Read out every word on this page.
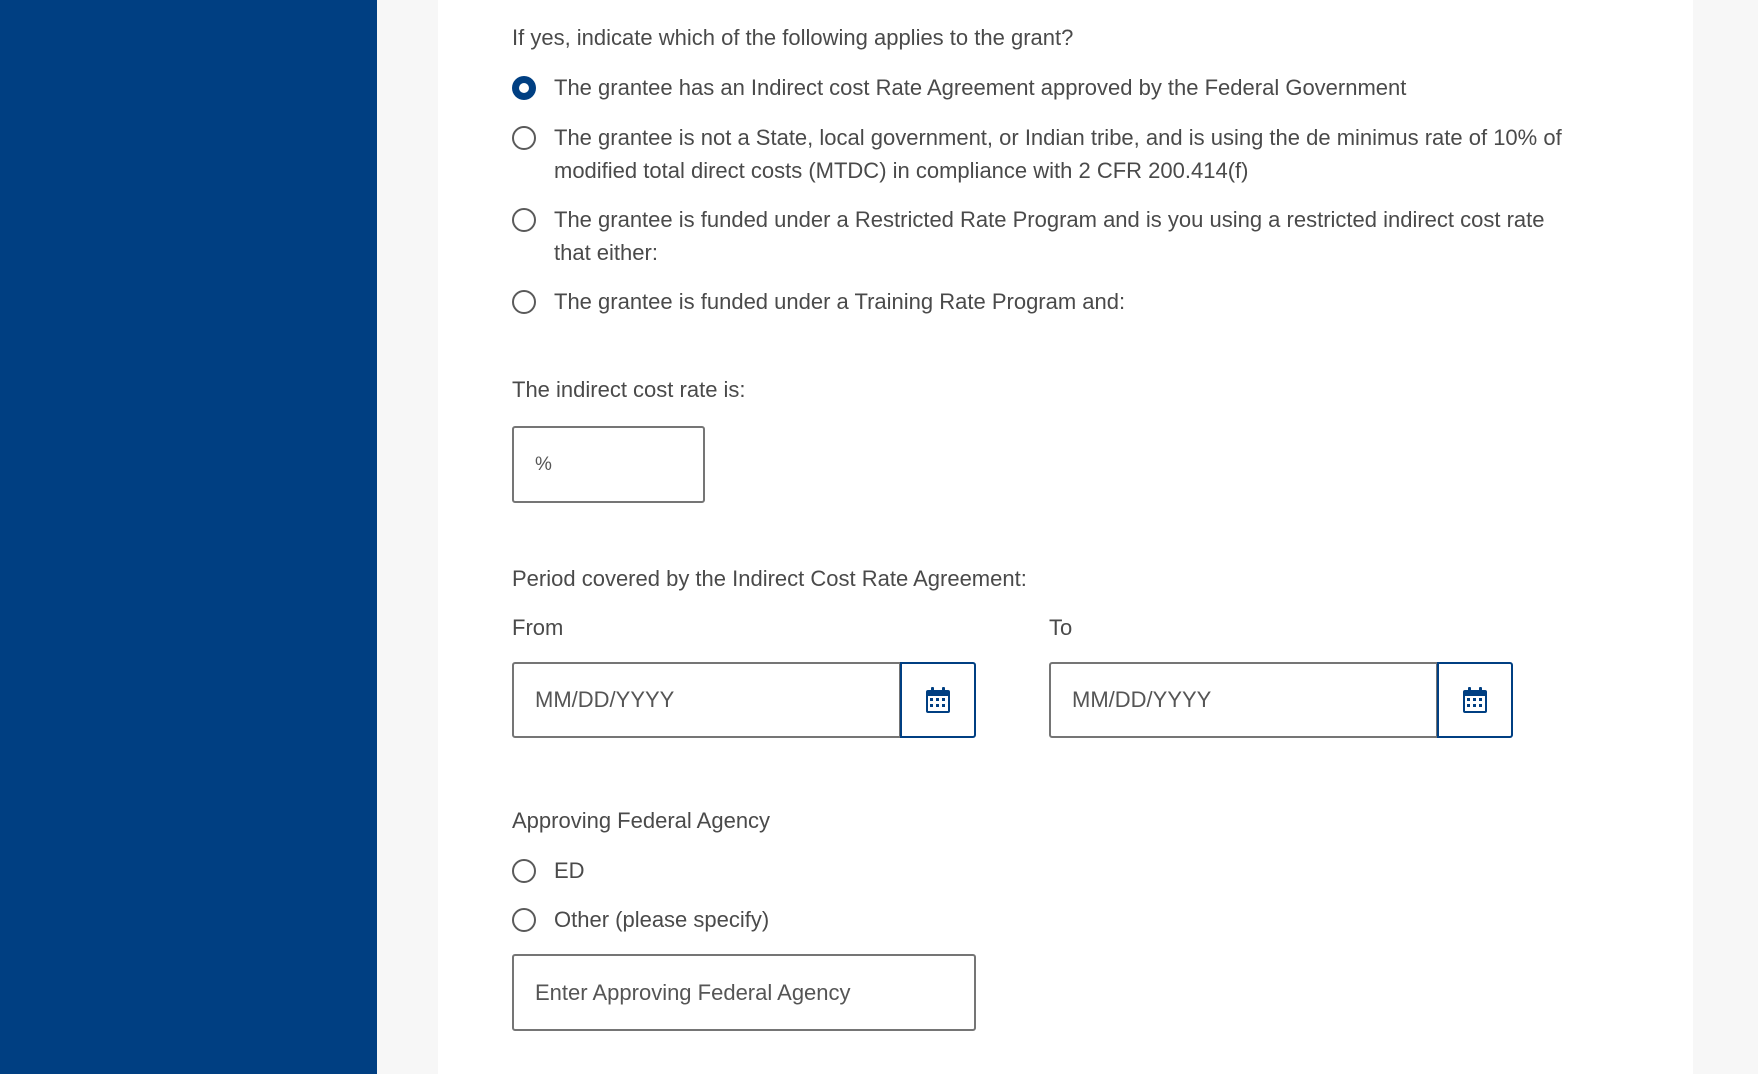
If yes, indicate which of the following applies to the grant?
The grantee has an Indirect cost Rate Agreement approved by the Federal Government
The grantee is not a State, local government, or Indian tribe, and is using the de minimus rate of 10% of
modified total direct costs (MTDC) in compliance with 2 CFR 200.414(f)
The grantee is funded under a Restricted Rate Program and is you using a restricted indirect cost rate
that either:
The grantee is funded under a Training Rate Program and:
The indirect cost rate is:
%
Period covered by the Indirect Cost Rate Agreement:
From	To
MM/DD/YYYY	MM/DD/YYYY
Approving Federal Agency
ED
Other (please specify)
Enter Approving Federal Agency
